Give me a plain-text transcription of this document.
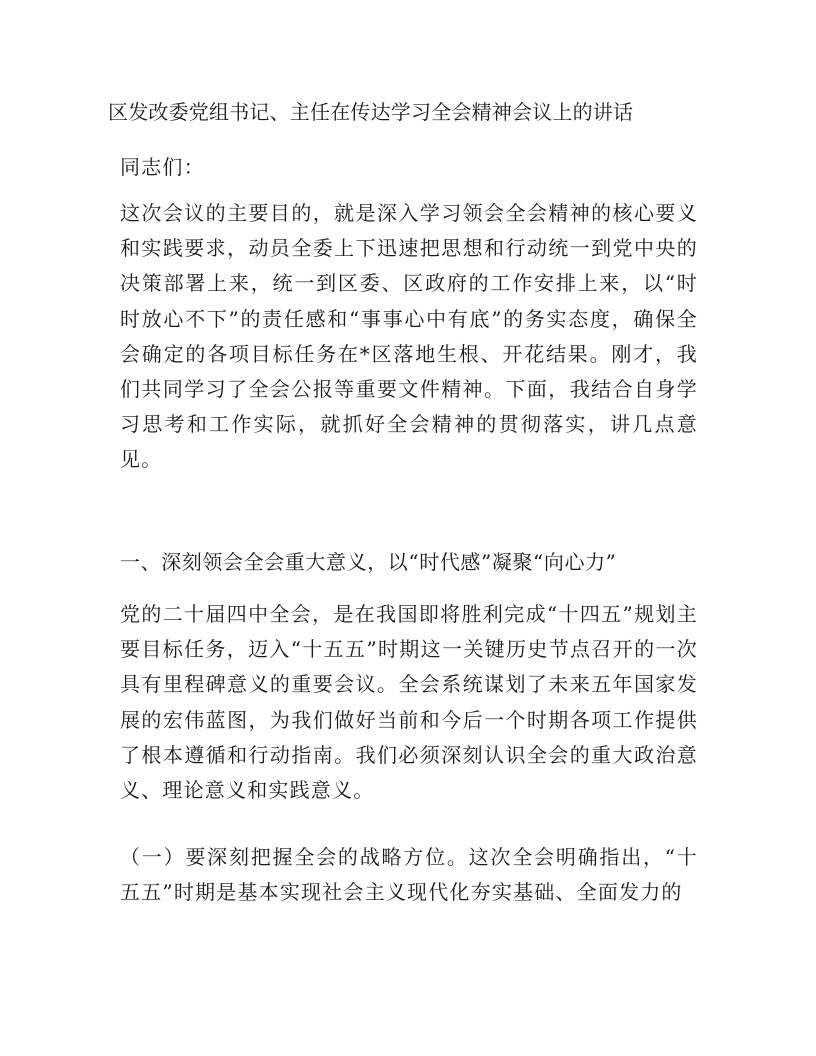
区发改委党组书记、主任在传达学习全会精神会议上的讲话
同志们：
这次会议的主要目的，就是深入学习领会全会精神的核心要义和实践要求，动员全委上下迅速把思想和行动统一到党中央的决策部署上来，统一到区委、区政府的工作安排上来，以“时时放心不下”的责任感和“事事心中有底”的务实态度，确保全会确定的各项目标任务在*区落地生根、开花结果。刚才，我们共同学习了全会公报等重要文件精神。下面，我结合自身学习思考和工作实际，就抓好全会精神的贯彻落实，讲几点意见。
一、深刻领会全会重大意义，以“时代感”凝聚“向心力”
党的二十届四中全会，是在我国即将胜利完成“十四五”规划主要目标任务，迈入“十五五”时期这一关键历史节点召开的一次具有里程碑意义的重要会议。全会系统谋划了未来五年国家发展的宏伟蓝图，为我们做好当前和今后一个时期各项工作提供了根本遵循和行动指南。我们必须深刻认识全会的重大政治意义、理论意义和实践意义。
（一）要深刻把握全会的战略方位。这次全会明确指出，“十五五”时期是基本实现社会主义现代化夯实基础、全面发力的
